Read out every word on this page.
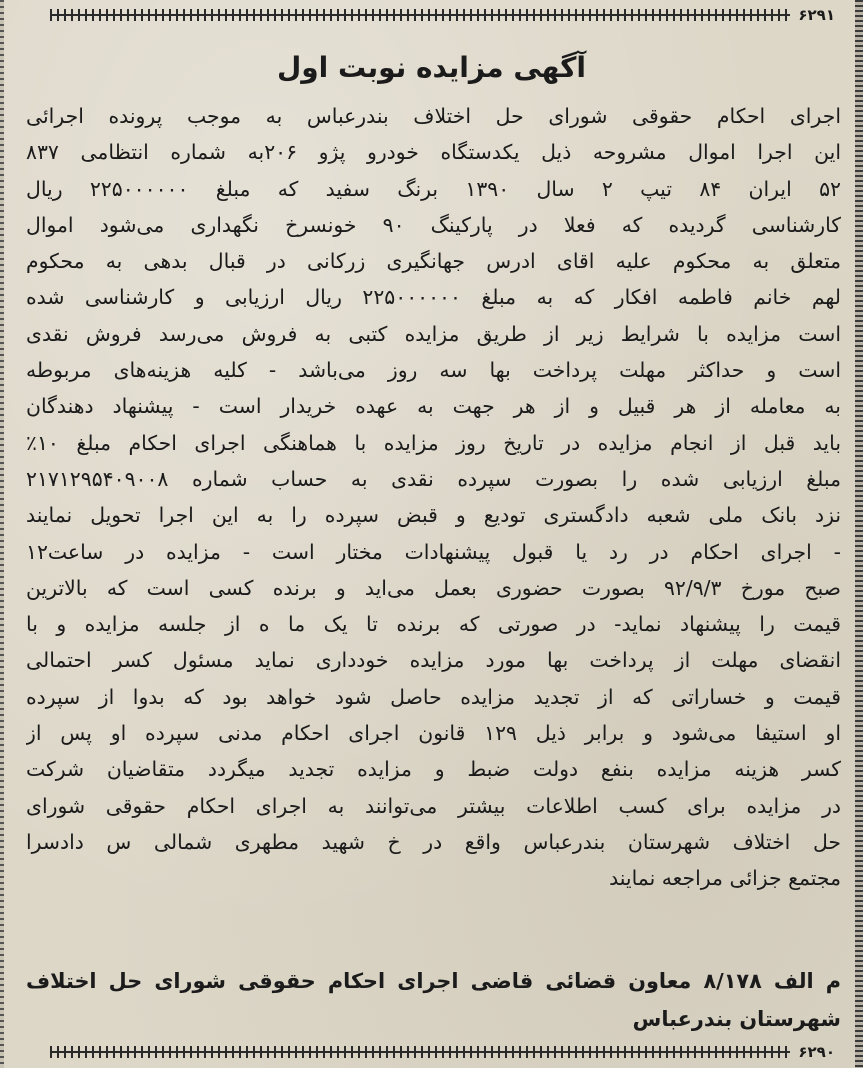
۶۲۹۱
آگهی مزایده نوبت اول
اجرای احکام حقوقی شورای حل اختلاف بندرعباس به موجب پرونده اجرائی
این اجرا اموال مشروحه ذیل یکدستگاه خودرو پژو ۲۰۶به شماره انتظامی ۸۳۷
۵۲ ایران ۸۴ تیپ ۲ سال ۱۳۹۰ برنگ سفید که مبلغ ۲۲۵۰۰۰۰۰۰ ریال
کارشناسی گردیده که فعلا در پارکینگ ۹۰ خونسرخ نگهداری می‌شود اموال
متعلق به محکوم علیه اقای ادرس جهانگیری زرکانی در قبال بدهی به محکوم
لهم خانم فاطمه افکار که به مبلغ ۲۲۵۰۰۰۰۰۰ ریال ارزیابی و کارشناسی شده
است مزایده با شرایط زیر از طریق مزایده کتبی به فروش می‌رسد فروش نقدی
است و حداکثر مهلت پرداخت بها سه روز می‌باشد - کلیه هزینه‌های مربوطه
به معامله از هر قبیل و از هر جهت به عهده خریدار است - پیشنهاد دهندگان
باید قبل از انجام مزایده در تاریخ روز مزایده با هماهنگی اجرای احکام مبلغ ۱۰٪
مبلغ ارزیابی شده را بصورت سپرده نقدی به حساب شماره ۲۱۷۱۲۹۵۴۰۹۰۰۸
نزد بانک ملی شعبه دادگستری تودیع و قبض سپرده را به این اجرا تحویل نمایند
- اجرای احکام در رد یا قبول پیشنهادات مختار است - مزایده در ساعت۱۲
صبح مورخ ۹۲/۹/۳ بصورت حضوری بعمل می‌اید و برنده کسی است که بالاترین
قیمت را پیشنهاد نماید- در صورتی که برنده تا یک ما ه از جلسه مزایده و با
انقضای مهلت از پرداخت بها مورد مزایده خودداری نماید مسئول کسر احتمالی
قیمت و خساراتی که از تجدید مزایده حاصل شود خواهد بود که بدوا از سپرده
او استیفا می‌شود و برابر ذیل ۱۲۹ قانون اجرای احکام مدنی سپرده او پس از
کسر هزینه مزایده بنفع دولت ضبط و مزایده تجدید میگردد متقاضیان شرکت
در مزایده برای کسب اطلاعات بیشتر می‌توانند به اجرای احکام حقوقی شورای
حل اختلاف شهرستان بندرعباس واقع در خ شهید مطهری شمالی س دادسرا
مجتمع جزائی مراجعه نمایند
م الف ۸/۱۷۸ معاون قضائی قاضی اجرای احکام حقوقی شورای حل اختلاف
شهرستان بندرعباس
۶۲۹۰
